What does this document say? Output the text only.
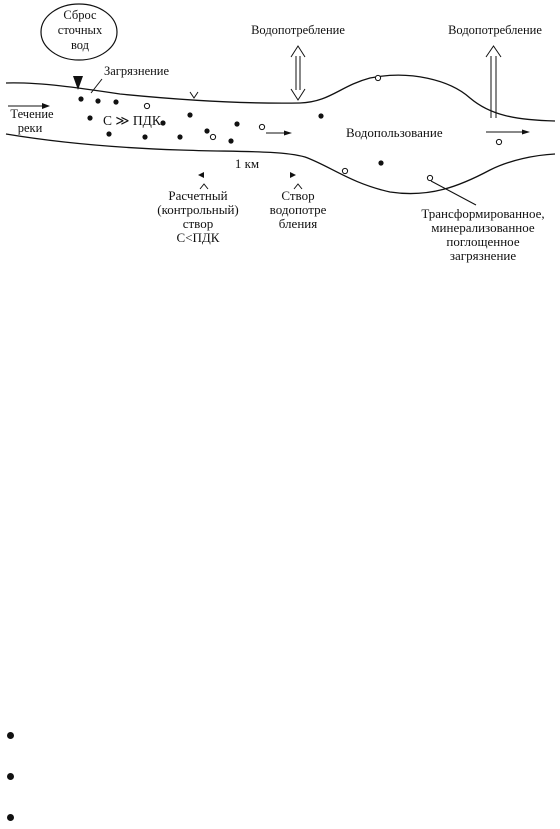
Сброс
сточных
вод
Загрязнение
Водопотребление	Водопотребление
Течение
реки	C ≫ ПДК
Водопользование
1 км
Расчетный
(контрольный)
створ
C<ПДК
Створ
водопотре
бления
Трансформированное,
минерализованное
поглощенное
загрязнение
